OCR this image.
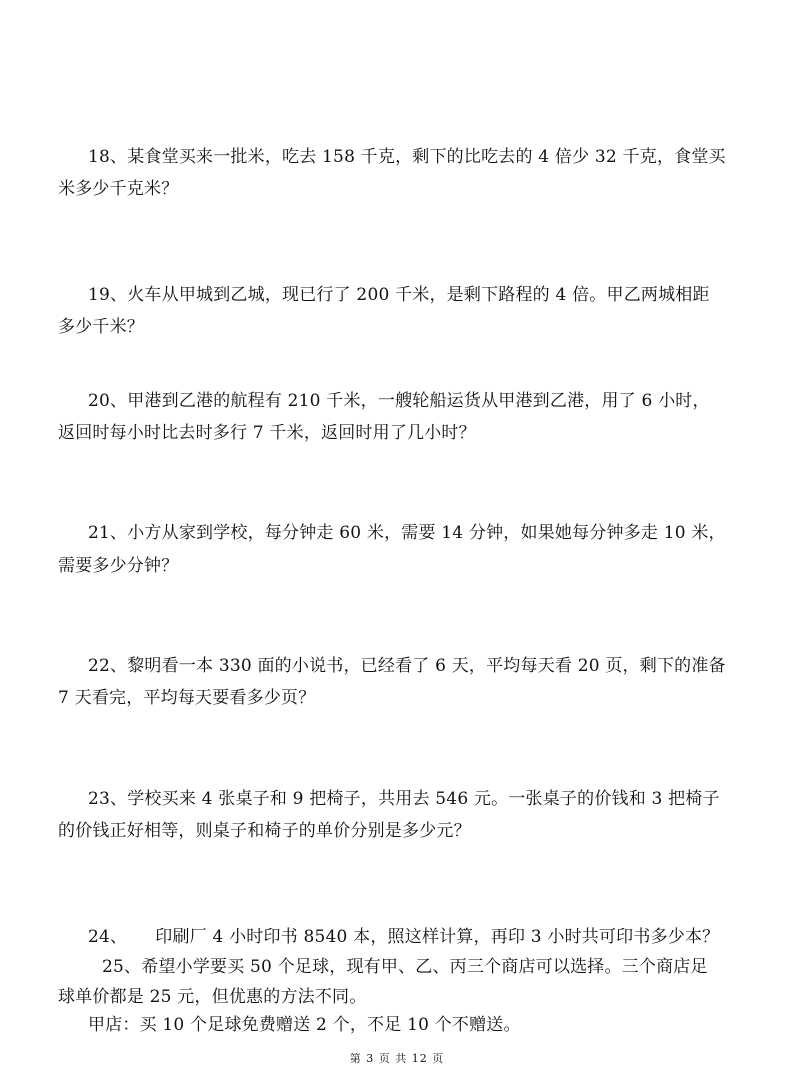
18、某食堂买来一批米，吃去 158 千克，剩下的比吃去的 4 倍少 32 千克，食堂买
米多少千克米？
19、火车从甲城到乙城，现已行了 200 千米，是剩下路程的 4 倍。甲乙两城相距
多少千米？
20、甲港到乙港的航程有 210 千米，一艘轮船运货从甲港到乙港，用了 6 小时，
返回时每小时比去时多行 7 千米，返回时用了几小时？
21、小方从家到学校，每分钟走 60 米，需要 14 分钟，如果她每分钟多走 10 米，
需要多少分钟？
22、黎明看一本 330 面的小说书，已经看了 6 天，平均每天看 20 页，剩下的准备
7 天看完，平均每天要看多少页？
23、学校买来 4 张桌子和 9 把椅子，共用去 546 元。一张桌子的价钱和 3 把椅子
的价钱正好相等，则桌子和椅子的单价分别是多少元？
24、     印刷厂 4 小时印书 8540 本，照这样计算，再印 3 小时共可印书多少本？
25、希望小学要买 50 个足球，现有甲、乙、丙三个商店可以选择。三个商店足
球单价都是 25 元，但优惠的方法不同。
甲店：买 10 个足球免费赠送 2 个，不足 10 个不赠送。
第 3 页 共 12 页
